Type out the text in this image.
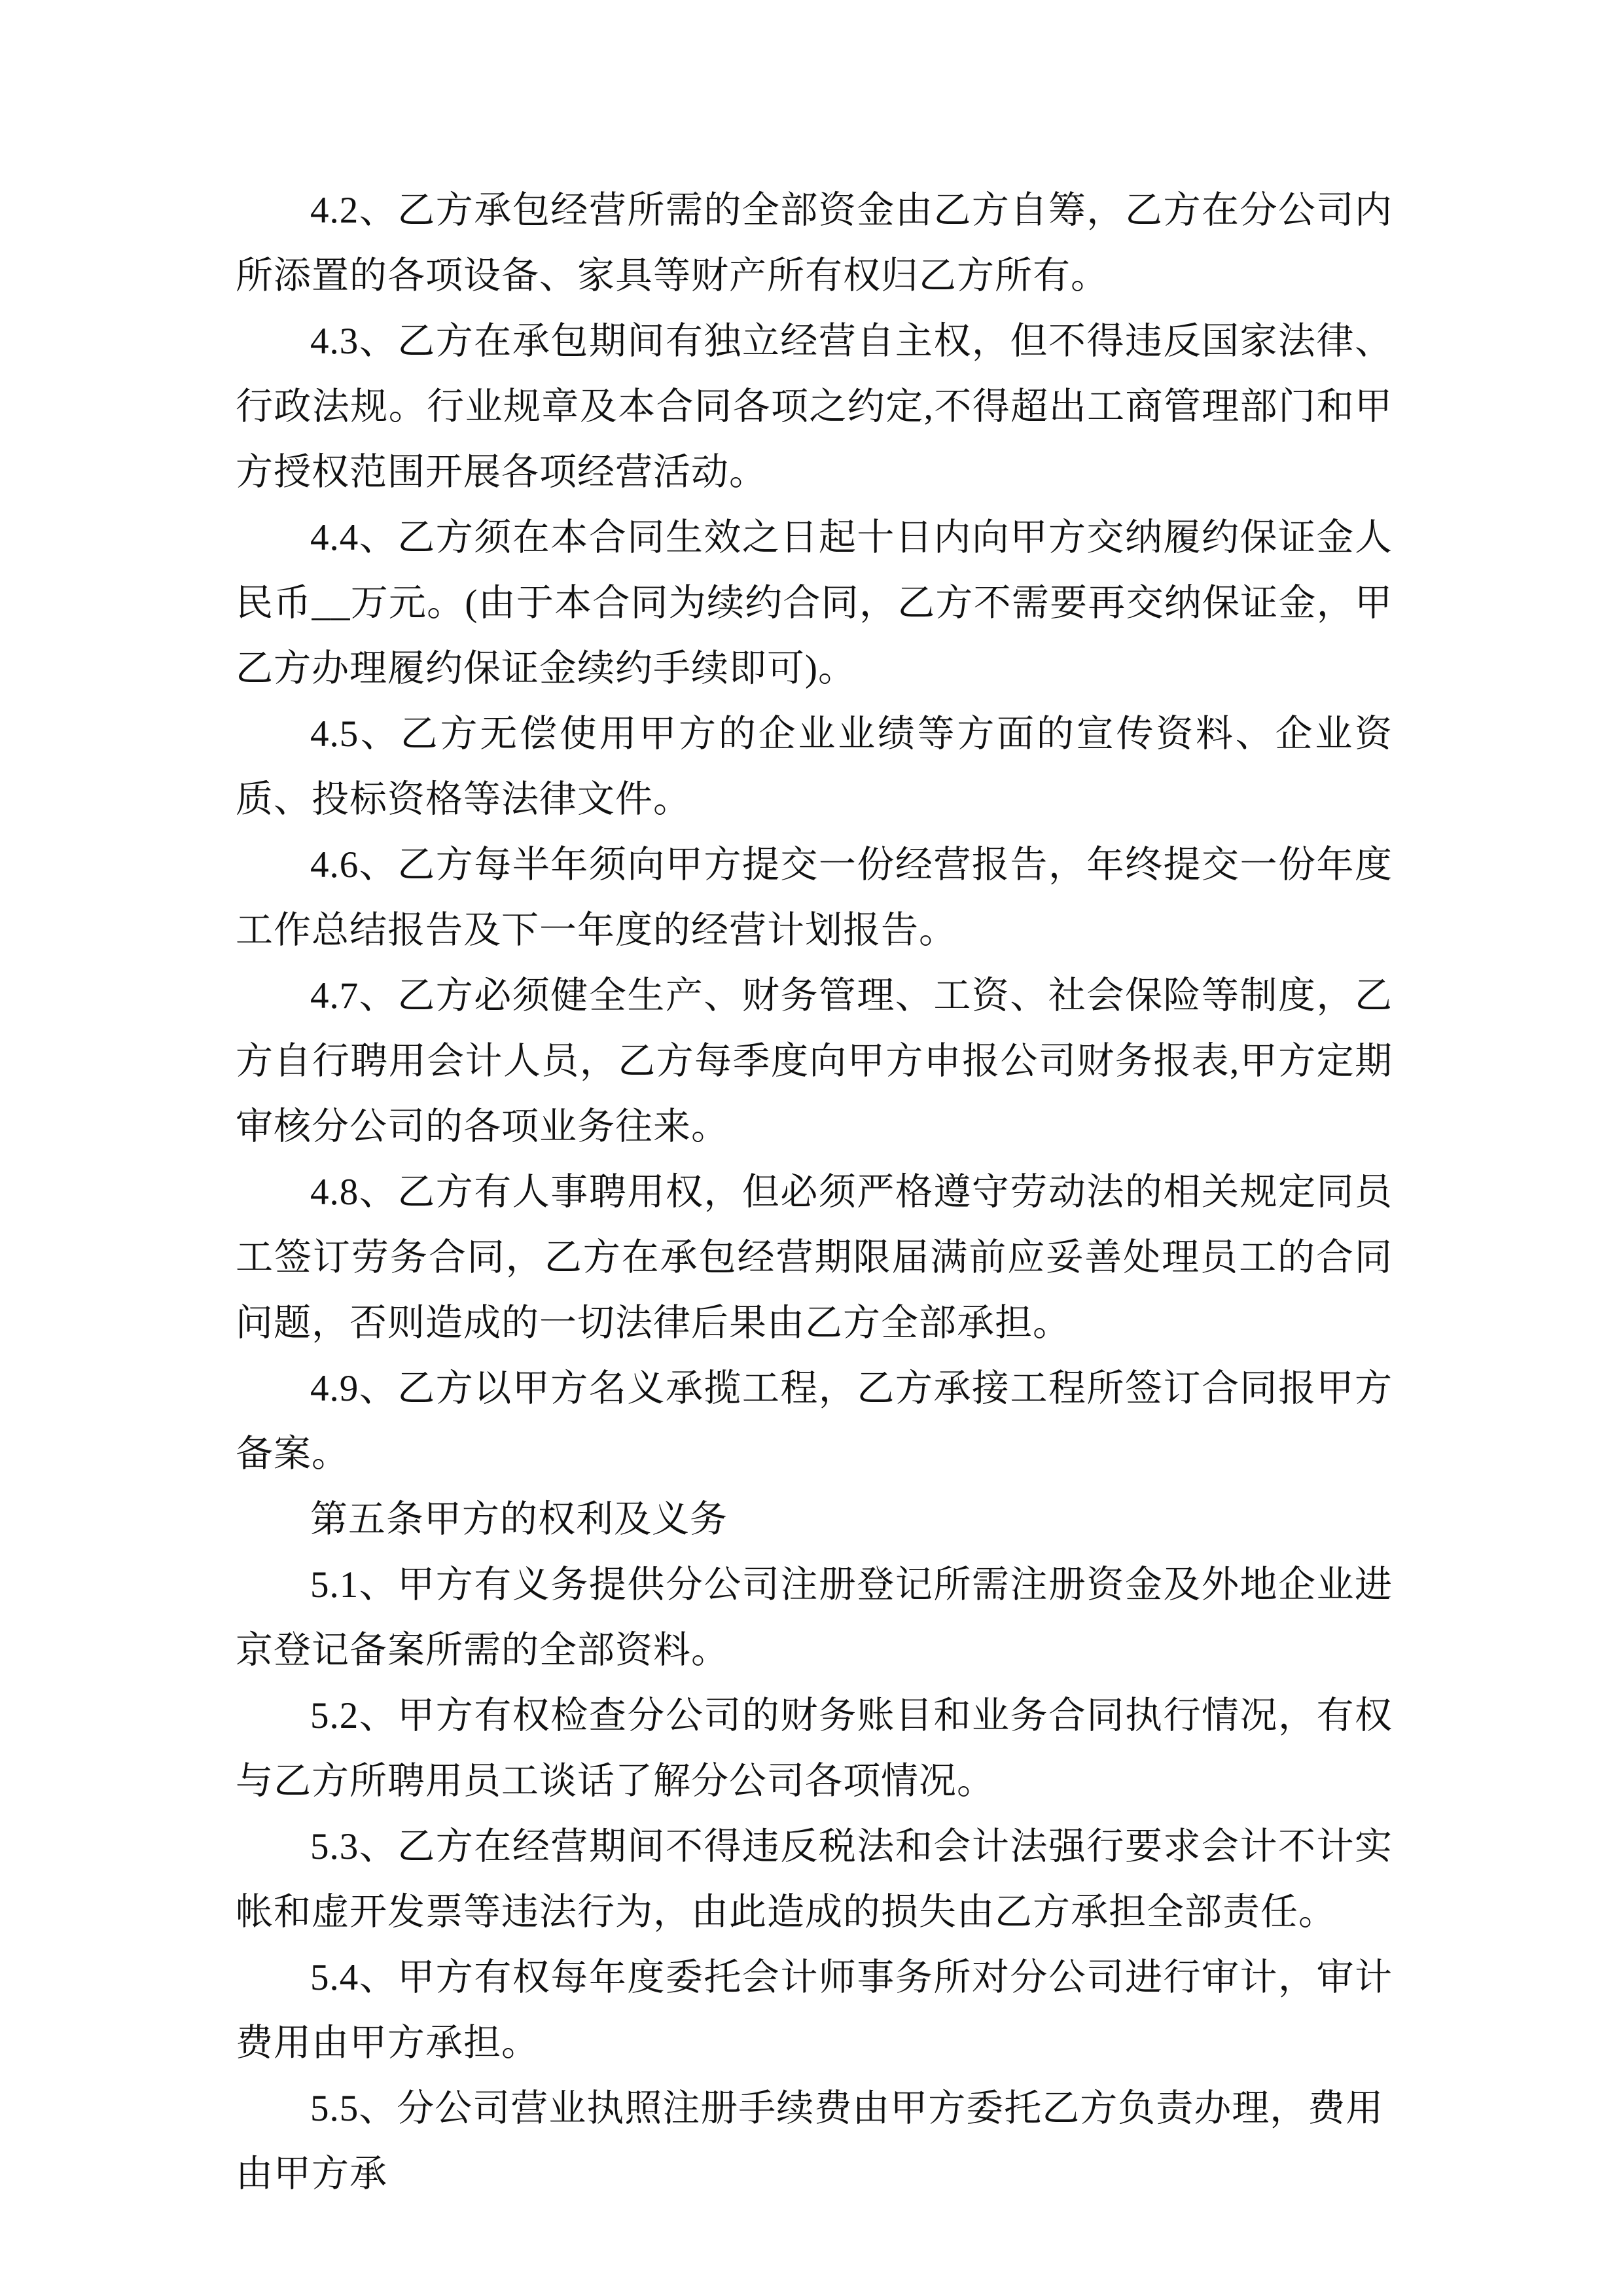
4.2、乙方承包经营所需的全部资金由乙方自筹，乙方在分公司内所添置的各项设备、家具等财产所有权归乙方所有。

4.3、乙方在承包期间有独立经营自主权，但不得违反国家法律、行政法规。行业规章及本合同各项之约定,不得超出工商管理部门和甲方授权范围开展各项经营活动。

4.4、乙方须在本合同生效之日起十日内向甲方交纳履约保证金人民币__万元。(由于本合同为续约合同，乙方不需要再交纳保证金，甲乙方办理履约保证金续约手续即可)。

4.5、乙方无偿使用甲方的企业业绩等方面的宣传资料、企业资质、投标资格等法律文件。

4.6、乙方每半年须向甲方提交一份经营报告，年终提交一份年度工作总结报告及下一年度的经营计划报告。

4.7、乙方必须健全生产、财务管理、工资、社会保险等制度，乙方自行聘用会计人员，乙方每季度向甲方申报公司财务报表,甲方定期审核分公司的各项业务往来。

4.8、乙方有人事聘用权，但必须严格遵守劳动法的相关规定同员工签订劳务合同，乙方在承包经营期限届满前应妥善处理员工的合同问题，否则造成的一切法律后果由乙方全部承担。

4.9、乙方以甲方名义承揽工程，乙方承接工程所签订合同报甲方备案。

第五条甲方的权利及义务

5.1、甲方有义务提供分公司注册登记所需注册资金及外地企业进京登记备案所需的全部资料。

5.2、甲方有权检查分公司的财务账目和业务合同执行情况，有权与乙方所聘用员工谈话了解分公司各项情况。

5.3、乙方在经营期间不得违反税法和会计法强行要求会计不计实帐和虚开发票等违法行为，由此造成的损失由乙方承担全部责任。

5.4、甲方有权每年度委托会计师事务所对分公司进行审计，审计费用由甲方承担。

5.5、分公司营业执照注册手续费由甲方委托乙方负责办理，费用由甲方承
